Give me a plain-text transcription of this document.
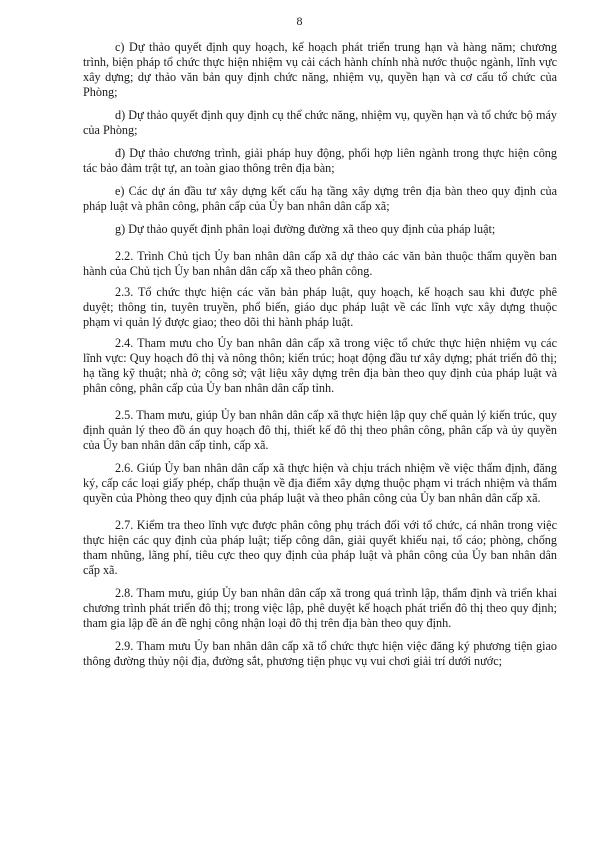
8

c) Dự thảo quyết định quy hoạch, kế hoạch phát triển trung hạn và hàng năm; chương trình, biện pháp tổ chức thực hiện nhiệm vụ cải cách hành chính nhà nước thuộc ngành, lĩnh vực xây dựng; dự thảo văn bản quy định chức năng, nhiệm vụ, quyền hạn và cơ cấu tổ chức của Phòng;

d) Dự thảo quyết định quy định cụ thể chức năng, nhiệm vụ, quyền hạn và tổ chức bộ máy của Phòng;

đ) Dự thảo chương trình, giải pháp huy động, phối hợp liên ngành trong thực hiện công tác bảo đảm trật tự, an toàn giao thông trên địa bàn;

e) Các dự án đầu tư xây dựng kết cấu hạ tầng xây dựng trên địa bàn theo quy định của pháp luật và phân công, phân cấp của Ủy ban nhân dân cấp xã;

g) Dự thảo quyết định phân loại đường đường xã theo quy định của pháp luật;

2.2. Trình Chủ tịch Ủy ban nhân dân cấp xã dự thảo các văn bản thuộc thẩm quyền ban hành của Chủ tịch Ủy ban nhân dân cấp xã theo phân công.

2.3. Tổ chức thực hiện các văn bản pháp luật, quy hoạch, kế hoạch sau khi được phê duyệt; thông tin, tuyên truyền, phổ biến, giáo dục pháp luật về các lĩnh vực xây dựng thuộc phạm vi quản lý được giao; theo dõi thi hành pháp luật.

2.4. Tham mưu cho Ủy ban nhân dân cấp xã trong việc tổ chức thực hiện nhiệm vụ các lĩnh vực: Quy hoạch đô thị và nông thôn; kiến trúc; hoạt động đầu tư xây dựng; phát triển đô thị; hạ tầng kỹ thuật; nhà ở; công sở; vật liệu xây dựng trên địa bàn theo quy định của pháp luật và phân công, phân cấp của Ủy ban nhân dân cấp tỉnh.

2.5. Tham mưu, giúp Ủy ban nhân dân cấp xã thực hiện lập quy chế quản lý kiến trúc, quy định quản lý theo đồ án quy hoạch đô thị, thiết kế đô thị theo phân công, phân cấp và ủy quyền của Ủy ban nhân dân cấp tỉnh, cấp xã.

2.6. Giúp Ủy ban nhân dân cấp xã thực hiện và chịu trách nhiệm về việc thẩm định, đăng ký, cấp các loại giấy phép, chấp thuận về địa điểm xây dựng thuộc phạm vi trách nhiệm và thẩm quyền của Phòng theo quy định của pháp luật và theo phân công của Ủy ban nhân dân cấp xã.

2.7. Kiểm tra theo lĩnh vực được phân công phụ trách đối với tổ chức, cá nhân trong việc thực hiện các quy định của pháp luật; tiếp công dân, giải quyết khiếu nại, tố cáo; phòng, chống tham nhũng, lãng phí, tiêu cực theo quy định của pháp luật và phân công của Ủy ban nhân dân cấp xã.

2.8. Tham mưu, giúp Ủy ban nhân dân cấp xã trong quá trình lập, thẩm định và triển khai chương trình phát triển đô thị; trong việc lập, phê duyệt kế hoạch phát triển đô thị theo quy định; tham gia lập đề án đề nghị công nhận loại đô thị trên địa bàn theo quy định.

2.9. Tham mưu Ủy ban nhân dân cấp xã tổ chức thực hiện việc đăng ký phương tiện giao thông đường thủy nội địa, đường sắt, phương tiện phục vụ vui chơi giải trí dưới nước;
